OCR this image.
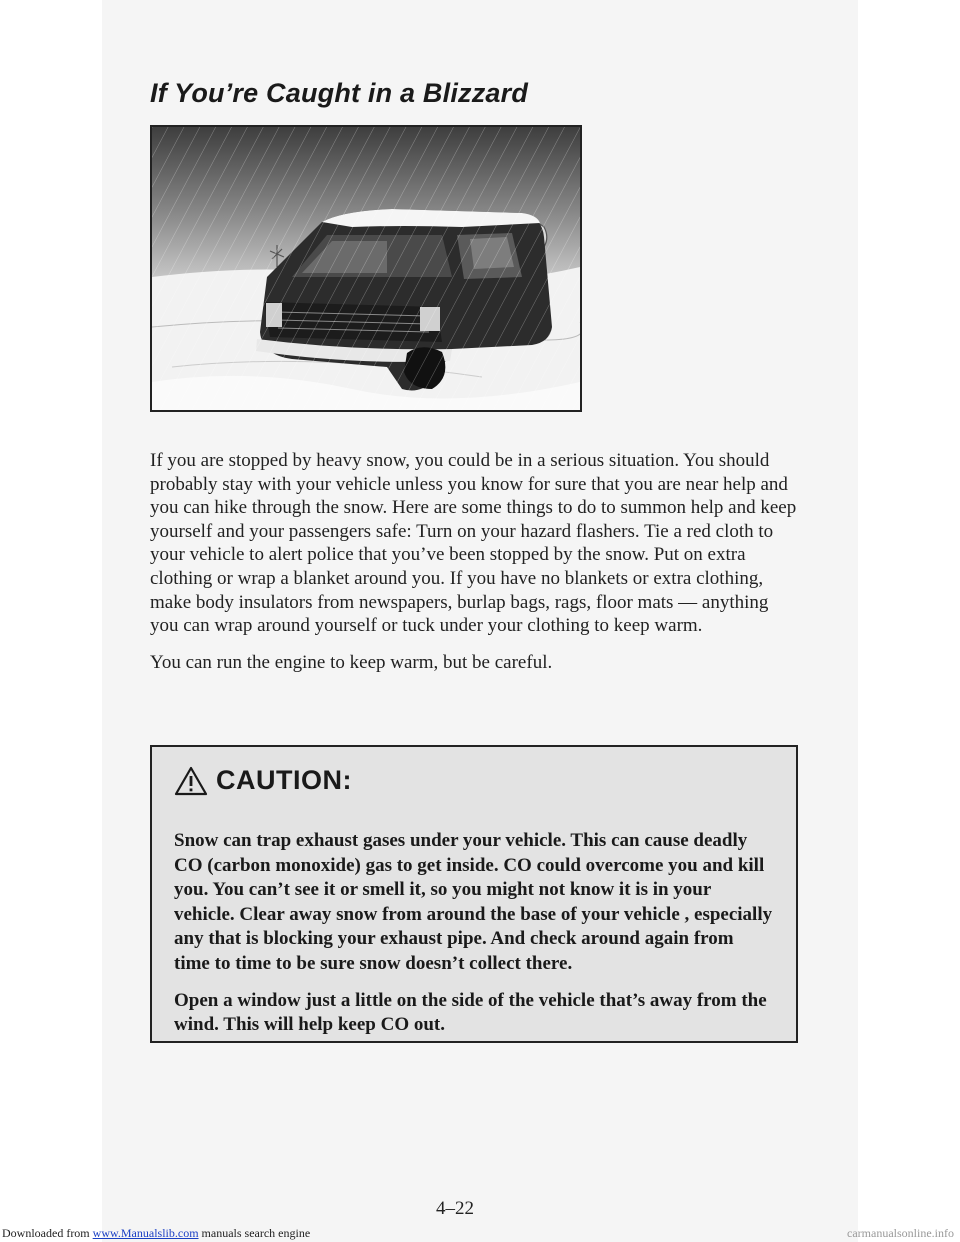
If You’re Caught in a Blizzard

If you are stopped by heavy snow, you could be in a serious situation. You should probably stay with your vehicle unless you know for sure that you are near help and you can hike through the snow. Here are some things to do to summon help and keep yourself and your passengers safe: Turn on your hazard flashers. Tie a red cloth to your vehicle to alert police that you’ve been stopped by the snow. Put on extra clothing or wrap a blanket around you. If you have no blankets or extra clothing, make body insulators from newspapers, burlap bags, rags, floor mats — anything you can wrap around yourself or tuck under your clothing to keep warm.

You can run the engine to keep warm, but be careful.

CAUTION:

Snow can trap exhaust gases under your vehicle. This can cause deadly CO (carbon monoxide) gas to get inside. CO could overcome you and kill you. You can’t see it or smell it, so you might not know it is in your vehicle. Clear away snow from around the base of your vehicle , especially any that is blocking your exhaust pipe. And check around again from time to time to be sure snow doesn’t collect there.

Open a window just a little on the side of the vehicle that’s away from the wind. This will help keep CO out.

4–22
Downloaded from www.Manualslib.com manuals search engine	carmanualsonline.info
